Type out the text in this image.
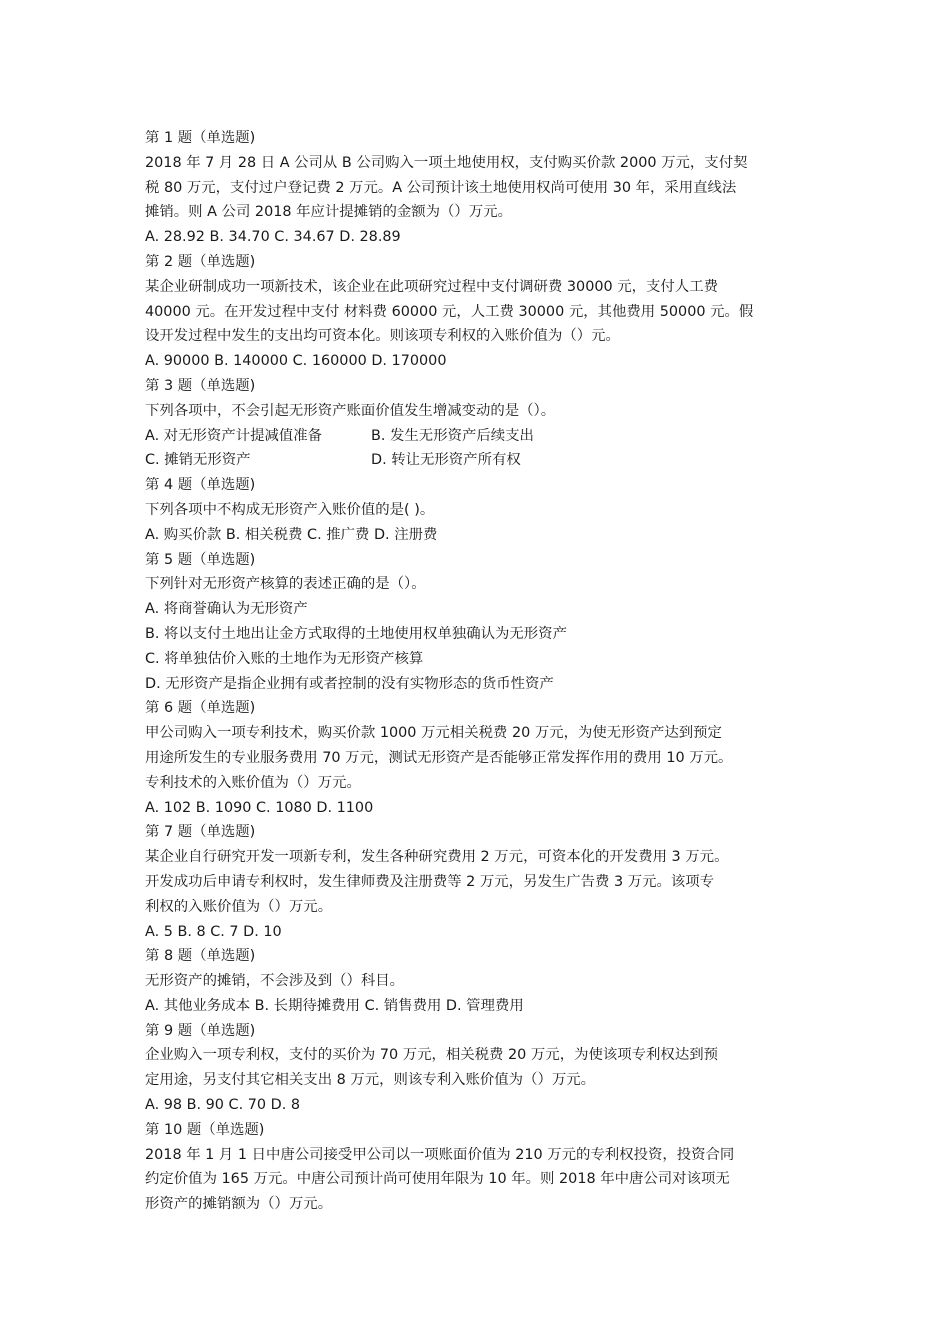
第 1 题（单选题)
2018 年 7 月 28 日 A 公司从 B 公司购入一项土地使用权，支付购买价款 2000 万元，支付契
税 80 万元，支付过户登记费 2 万元。A 公司预计该土地使用权尚可使用 30 年，采用直线法
摊销。则 A 公司 2018 年应计提摊销的金额为（）万元。
A. 28.92 B. 34.70 C. 34.67 D. 28.89
第 2 题（单选题)
某企业研制成功一项新技术，该企业在此项研究过程中支付调研费 30000 元，支付人工费
40000 元。在开发过程中支付 材料费 60000 元，人工费 30000 元，其他费用 50000 元。假
设开发过程中发生的支出均可资本化。则该项专利权的入账价值为（）元。
A. 90000 B. 140000 C. 160000 D. 170000
第 3 题（单选题)
下列各项中，不会引起无形资产账面价值发生增减变动的是（）。
A. 对无形资产计提减值准备	B. 发生无形资产后续支出
C. 摊销无形资产	D. 转让无形资产所有权
第 4 题（单选题)
下列各项中不构成无形资产入账价值的是( )。
A. 购买价款 B. 相关税费 C. 推广费 D. 注册费
第 5 题（单选题)
下列针对无形资产核算的表述正确的是（）。
A. 将商誉确认为无形资产
B. 将以支付土地出让金方式取得的土地使用权单独确认为无形资产
C. 将单独估价入账的土地作为无形资产核算
D. 无形资产是指企业拥有或者控制的没有实物形态的货币性资产
第 6 题（单选题)
甲公司购入一项专利技术，购买价款 1000 万元相关税费 20 万元，为使无形资产达到预定
用途所发生的专业服务费用 70 万元，测试无形资产是否能够正常发挥作用的费用 10 万元。
专利技术的入账价值为（）万元。
A. 102 B. 1090 C. 1080 D. 1100
第 7 题（单选题)
某企业自行研究开发一项新专利，发生各种研究费用 2 万元，可资本化的开发费用 3 万元。
开发成功后申请专利权时，发生律师费及注册费等 2 万元，另发生广告费 3 万元。该项专
利权的入账价值为（）万元。
A. 5 B. 8 C. 7 D. 10
第 8 题（单选题)
无形资产的摊销，不会涉及到（）科目。
A. 其他业务成本 B. 长期待摊费用 C. 销售费用 D. 管理费用
第 9 题（单选题)
企业购入一项专利权，支付的买价为 70 万元，相关税费 20 万元，为使该项专利权达到预
定用途，另支付其它相关支出 8 万元，则该专利入账价值为（）万元。
A. 98 B. 90 C. 70 D. 8
第 10 题（单选题)
2018 年 1 月 1 日中唐公司接受甲公司以一项账面价值为 210 万元的专利权投资，投资合同
约定价值为 165 万元。中唐公司预计尚可使用年限为 10 年。则 2018 年中唐公司对该项无
形资产的摊销额为（）万元。
